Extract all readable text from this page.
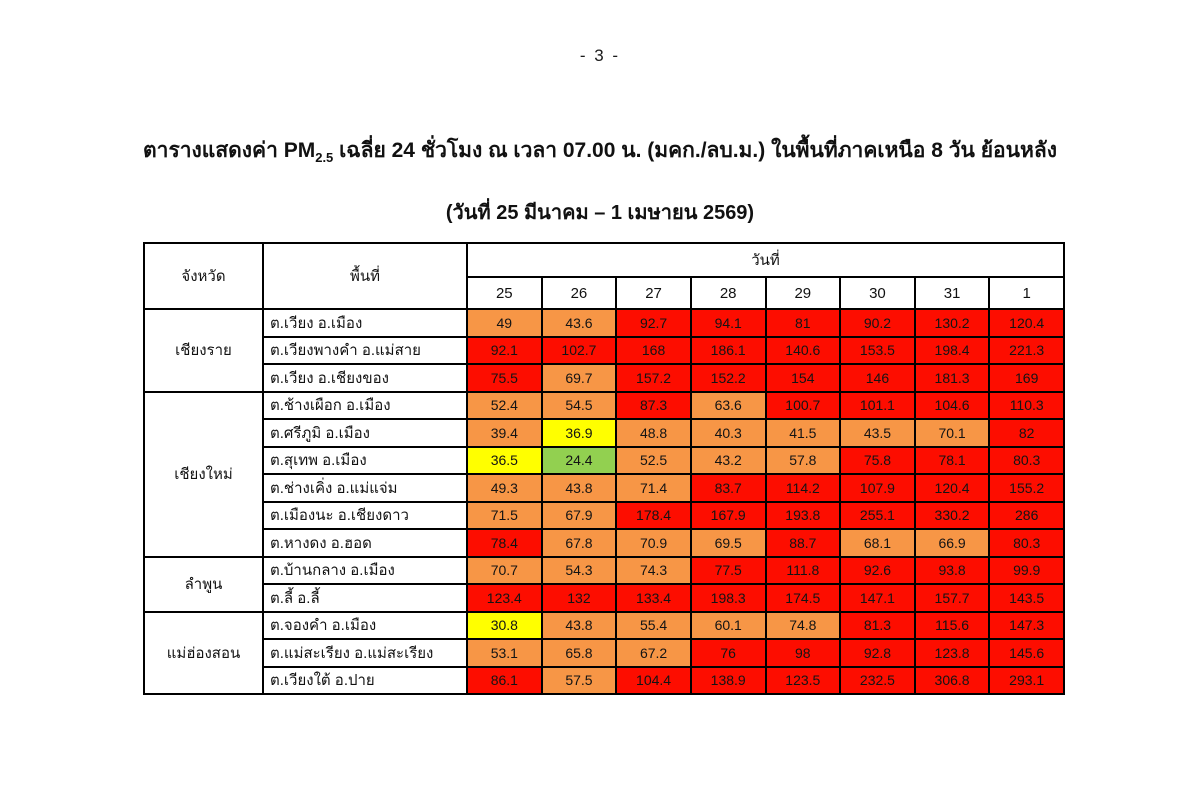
- 3 -
ตารางแสดงค่า $PM_{2.5}$ เฉลี่ย 24 ชั่วโมง ณ เวลา 07.00 น. (มคก./ลบ.ม.) ในพื้นที่ภาคเหนือ 8 วัน ย้อนหลัง
(วันที่ 25 มีนาคม – 1 เมษายน 2569)
จังหวัด	พื้นที่	วันที่							
		25	26	27	28	29	30	31	1
เชียงราย	ต.เวียง อ.เมือง	49	43.6	92.7	94.1	81	90.2	130.2	120.4
	ต.เวียงพางคำ อ.แม่สาย	92.1	102.7	168	186.1	140.6	153.5	198.4	221.3
	ต.เวียง อ.เชียงของ	75.5	69.7	157.2	152.2	154	146	181.3	169
เชียงใหม่	ต.ช้างเผือก อ.เมือง	52.4	54.5	87.3	63.6	100.7	101.1	104.6	110.3
	ต.ศรีภูมิ อ.เมือง	39.4	36.9	48.8	40.3	41.5	43.5	70.1	82
	ต.สุเทพ อ.เมือง	36.5	24.4	52.5	43.2	57.8	75.8	78.1	80.3
	ต.ช่างเคิ่ง อ.แม่แจ่ม	49.3	43.8	71.4	83.7	114.2	107.9	120.4	155.2
	ต.เมืองนะ อ.เชียงดาว	71.5	67.9	178.4	167.9	193.8	255.1	330.2	286
	ต.หางดง อ.ฮอด	78.4	67.8	70.9	69.5	88.7	68.1	66.9	80.3
ลำพูน	ต.บ้านกลาง อ.เมือง	70.7	54.3	74.3	77.5	111.8	92.6	93.8	99.9
	ต.ลี้ อ.ลี้	123.4	132	133.4	198.3	174.5	147.1	157.7	143.5
แม่ฮ่องสอน	ต.จองคำ อ.เมือง	30.8	43.8	55.4	60.1	74.8	81.3	115.6	147.3
	ต.แม่สะเรียง อ.แม่สะเรียง	53.1	65.8	67.2	76	98	92.8	123.8	145.6
	ต.เวียงใต้ อ.ปาย	86.1	57.5	104.4	138.9	123.5	232.5	306.8	293.1
